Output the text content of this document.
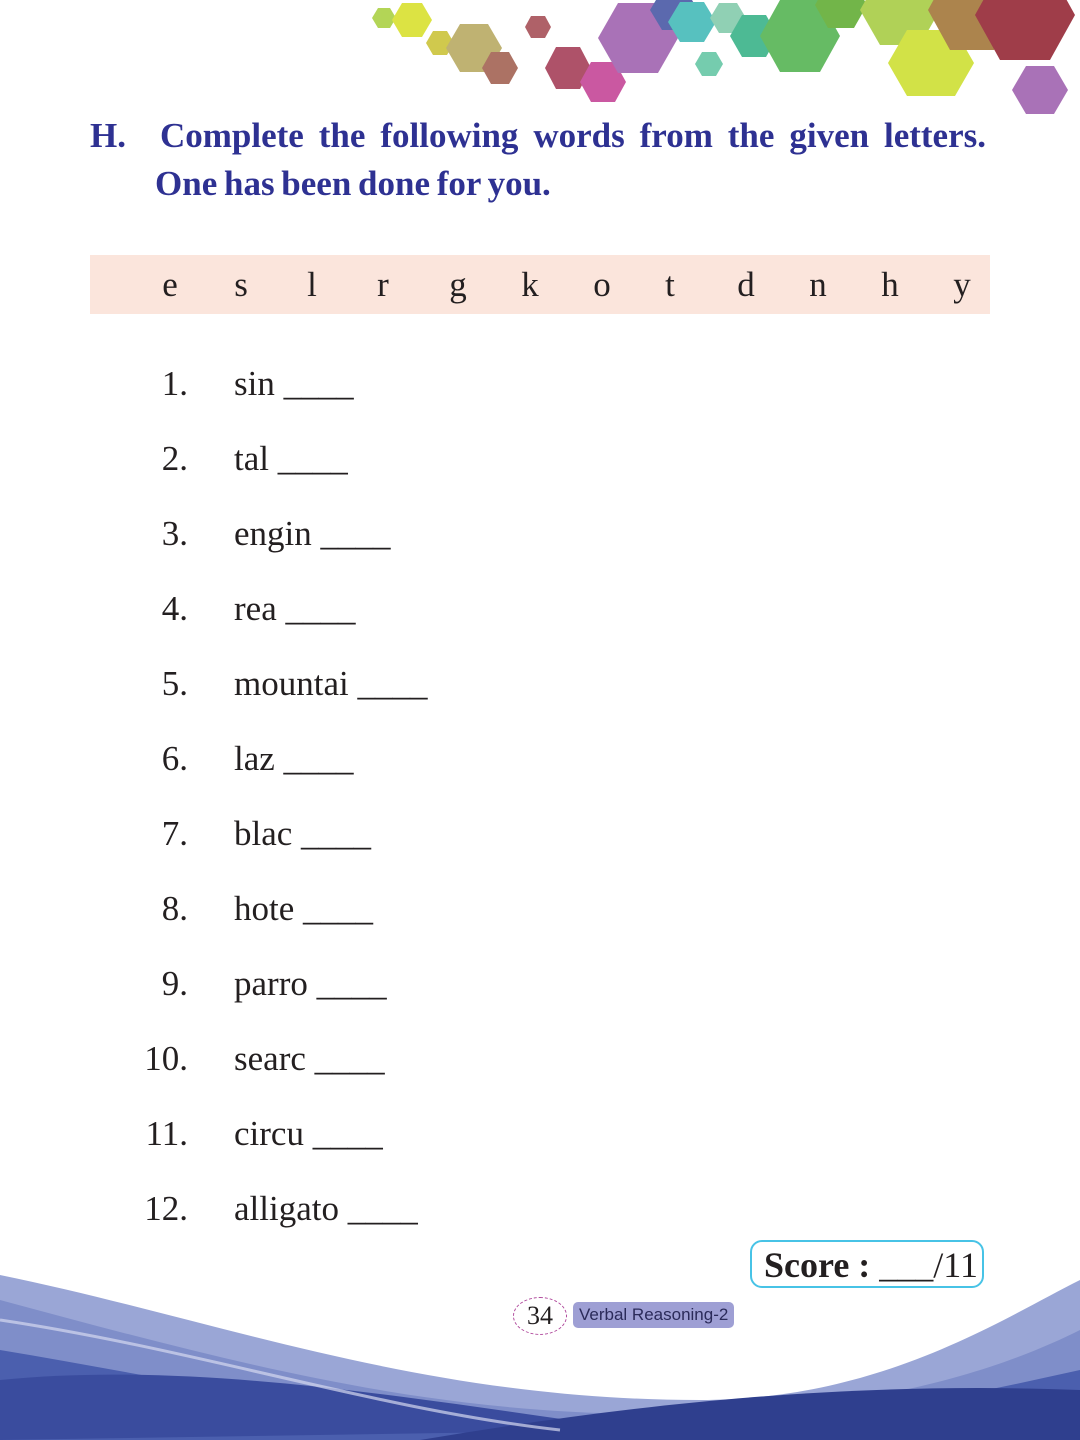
H. Complete the following words from the given letters.
One has been done for you.
e s l r g k o t d n h y
1. sin ____
2. tal ____
3. engin ____
4. rea ____
5. mountai ____
6. laz ____
7. blac ____
8. hote ____
9. parro ____
10. searc ____
11. circu ____
12. alligato ____
Score : ___/11
34	Verbal Reasoning-2
